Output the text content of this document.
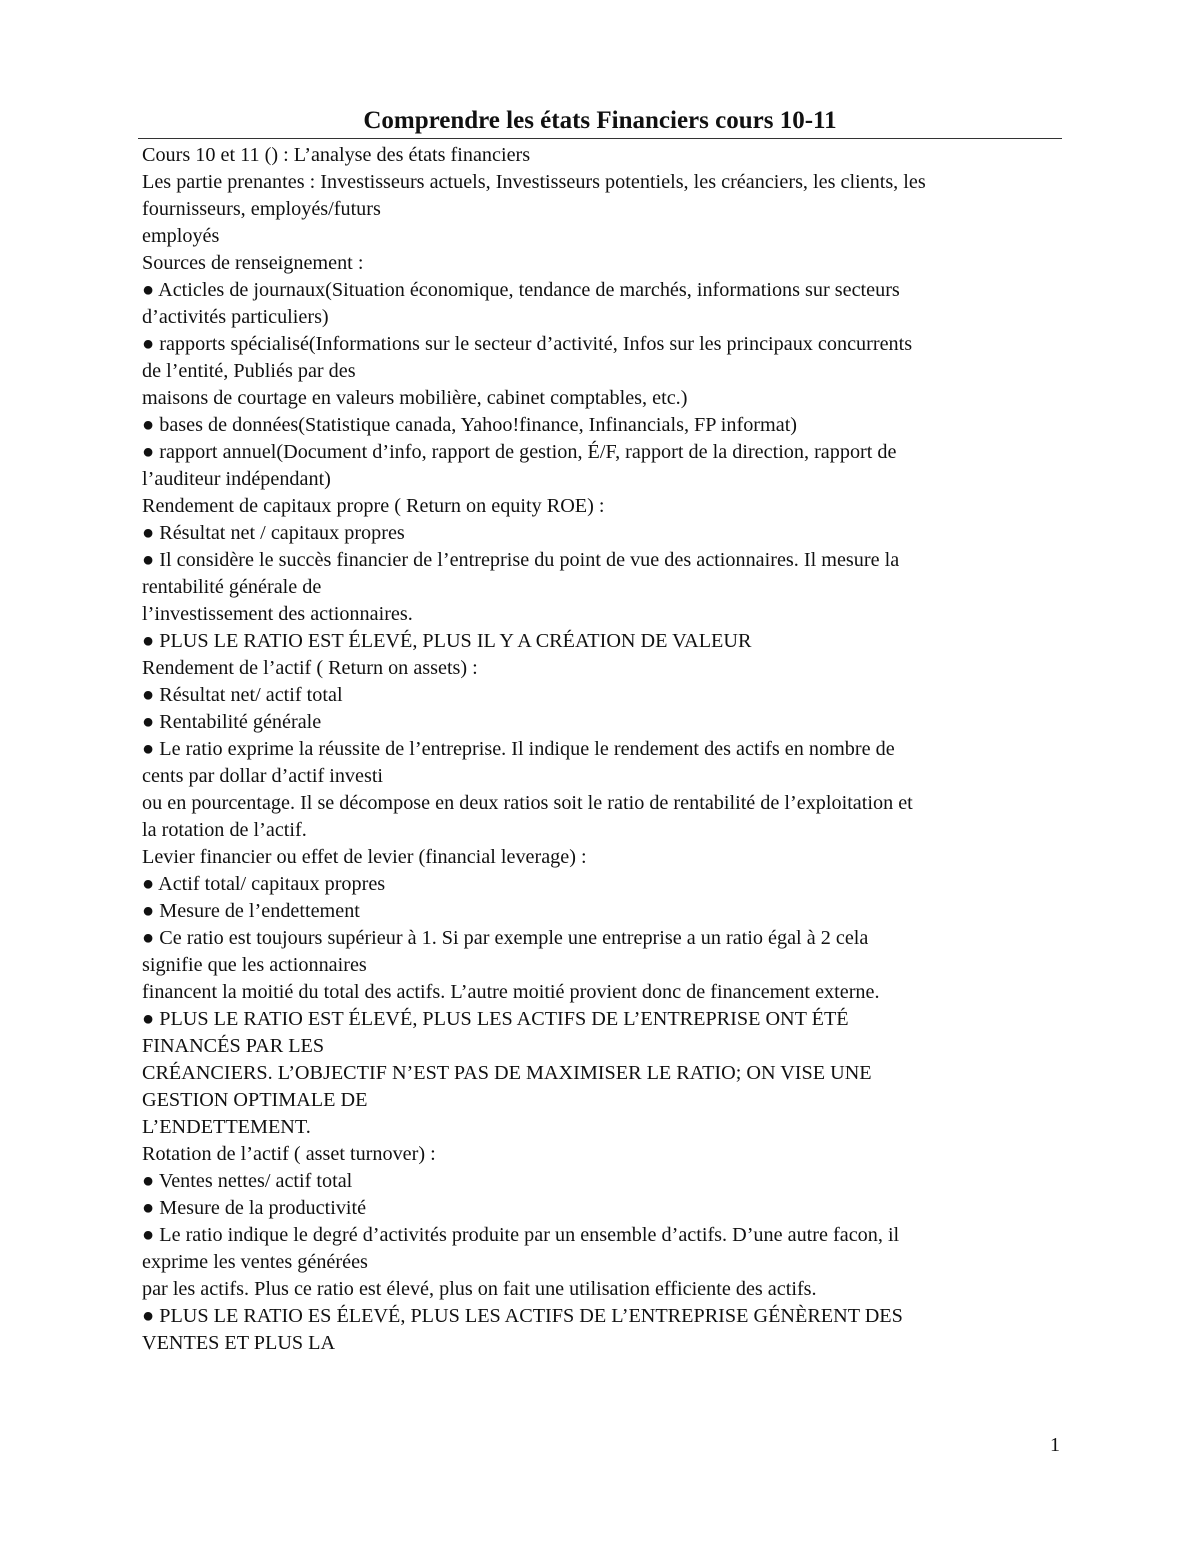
Comprendre les états Financiers cours 10-11
Cours 10 et 11 () : L’analyse des états financiers
Les partie prenantes : Investisseurs actuels, Investisseurs potentiels, les créanciers, les clients, les
fournisseurs, employés/futurs
employés
Sources de renseignement :
● Acticles de journaux(Situation économique, tendance de marchés, informations sur secteurs
d’activités particuliers)
● rapports spécialisé(Informations sur le secteur d’activité, Infos sur les principaux concurrents
de l’entité, Publiés par des
maisons de courtage en valeurs mobilière, cabinet comptables, etc.)
● bases de données(Statistique canada, Yahoo!finance, Infinancials, FP informat)
● rapport annuel(Document d’info, rapport de gestion, É/F, rapport de la direction, rapport de
l’auditeur indépendant)
Rendement de capitaux propre ( Return on equity ROE) :
● Résultat net / capitaux propres
● Il considère le succès financier de l’entreprise du point de vue des actionnaires. Il mesure la
rentabilité générale de
l’investissement des actionnaires.
● PLUS LE RATIO EST ÉLEVÉ, PLUS IL Y A CRÉATION DE VALEUR
Rendement de l’actif ( Return on assets) :
● Résultat net/ actif total
● Rentabilité générale
● Le ratio exprime la réussite de l’entreprise. Il indique le rendement des actifs en nombre de
cents par dollar d’actif investi
ou en pourcentage. Il se décompose en deux ratios soit le ratio de rentabilité de l’exploitation et
la rotation de l’actif.
Levier financier ou effet de levier (financial leverage) :
● Actif total/ capitaux propres
● Mesure de l’endettement
● Ce ratio est toujours supérieur à 1. Si par exemple une entreprise a un ratio égal à 2 cela
signifie que les actionnaires
financent la moitié du total des actifs. L’autre moitié provient donc de financement externe.
● PLUS LE RATIO EST ÉLEVÉ, PLUS LES ACTIFS DE L’ENTREPRISE ONT ÉTÉ
FINANCÉS PAR LES
CRÉANCIERS. L’OBJECTIF N’EST PAS DE MAXIMISER LE RATIO; ON VISE UNE
GESTION OPTIMALE DE
L’ENDETTEMENT.
Rotation de l’actif ( asset turnover) :
● Ventes nettes/ actif total
● Mesure de la productivité
● Le ratio indique le degré d’activités produite par un ensemble d’actifs. D’une autre facon, il
exprime les ventes générées
par les actifs. Plus ce ratio est élevé, plus on fait une utilisation efficiente des actifs.
● PLUS LE RATIO ES ÉLEVÉ, PLUS LES ACTIFS DE L’ENTREPRISE GÉNÈRENT DES
VENTES ET PLUS LA
1
